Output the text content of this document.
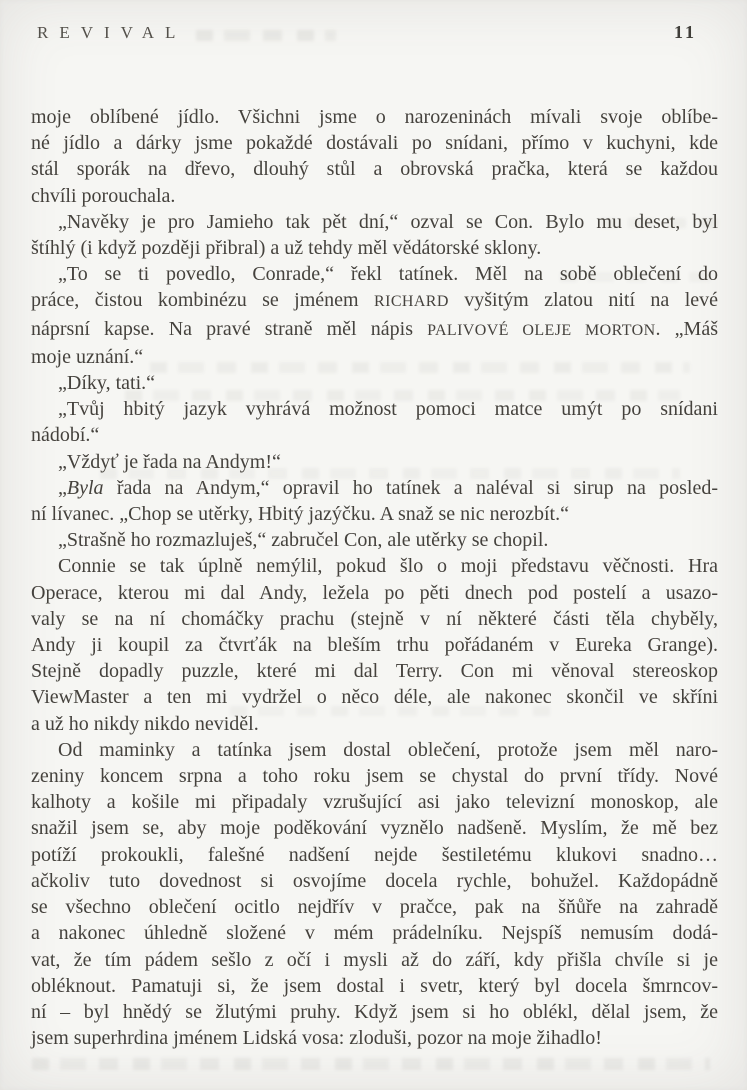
REVIVAL	11
moje oblíbené jídlo. Všichni jsme o narozeninách mívali svoje oblíbe-
né jídlo a dárky jsme pokaždé dostávali po snídani, přímo v kuchyni, kde
stál sporák na dřevo, dlouhý stůl a obrovská pračka, která se každou
chvíli porouchala.
„Navěky je pro Jamieho tak pět dní,“ ozval se Con. Bylo mu deset, byl
štíhlý (i když později přibral) a už tehdy měl vědátorské sklony.
„To se ti povedlo, Conrade,“ řekl tatínek. Měl na sobě oblečení do
práce, čistou kombinézu se jménem RICHARD vyšitým zlatou nití na levé
náprsní kapse. Na pravé straně měl nápis PALIVOVÉ OLEJE MORTON. „Máš
moje uznání.“
„Díky, tati.“
„Tvůj hbitý jazyk vyhrává možnost pomoci matce umýt po snídani
nádobí.“
„Vždyť je řada na Andym!“
„Byla řada na Andym,“ opravil ho tatínek a naléval si sirup na posled-
ní lívanec. „Chop se utěrky, Hbitý jazýčku. A snaž se nic nerozbít.“
„Strašně ho rozmazluješ,“ zabručel Con, ale utěrky se chopil.
Connie se tak úplně nemýlil, pokud šlo o moji představu věčnosti. Hra
Operace, kterou mi dal Andy, ležela po pěti dnech pod postelí a usazo-
valy se na ní chomáčky prachu (stejně v ní některé části těla chyběly,
Andy ji koupil za čtvrťák na bleším trhu pořádaném v Eureka Grange).
Stejně dopadly puzzle, které mi dal Terry. Con mi věnoval stereoskop
ViewMaster a ten mi vydržel o něco déle, ale nakonec skončil ve skříni
a už ho nikdy nikdo neviděl.
Od maminky a tatínka jsem dostal oblečení, protože jsem měl naro-
zeniny koncem srpna a toho roku jsem se chystal do první třídy. Nové
kalhoty a košile mi připadaly vzrušující asi jako televizní monoskop, ale
snažil jsem se, aby moje poděkování vyznělo nadšeně. Myslím, že mě bez
potíží prokoukli, falešné nadšení nejde šestiletému klukovi snadno…
ačkoliv tuto dovednost si osvojíme docela rychle, bohužel. Každopádně
se všechno oblečení ocitlo nejdřív v pračce, pak na šňůře na zahradě
a nakonec úhledně složené v mém prádelníku. Nejspíš nemusím dodá-
vat, že tím pádem sešlo z očí i mysli až do září, kdy přišla chvíle si je
obléknout. Pamatuji si, že jsem dostal i svetr, který byl docela šmrncov-
ní – byl hnědý se žlutými pruhy. Když jsem si ho oblékl, dělal jsem, že
jsem superhrdina jménem Lidská vosa: zloduši, pozor na moje žihadlo!
